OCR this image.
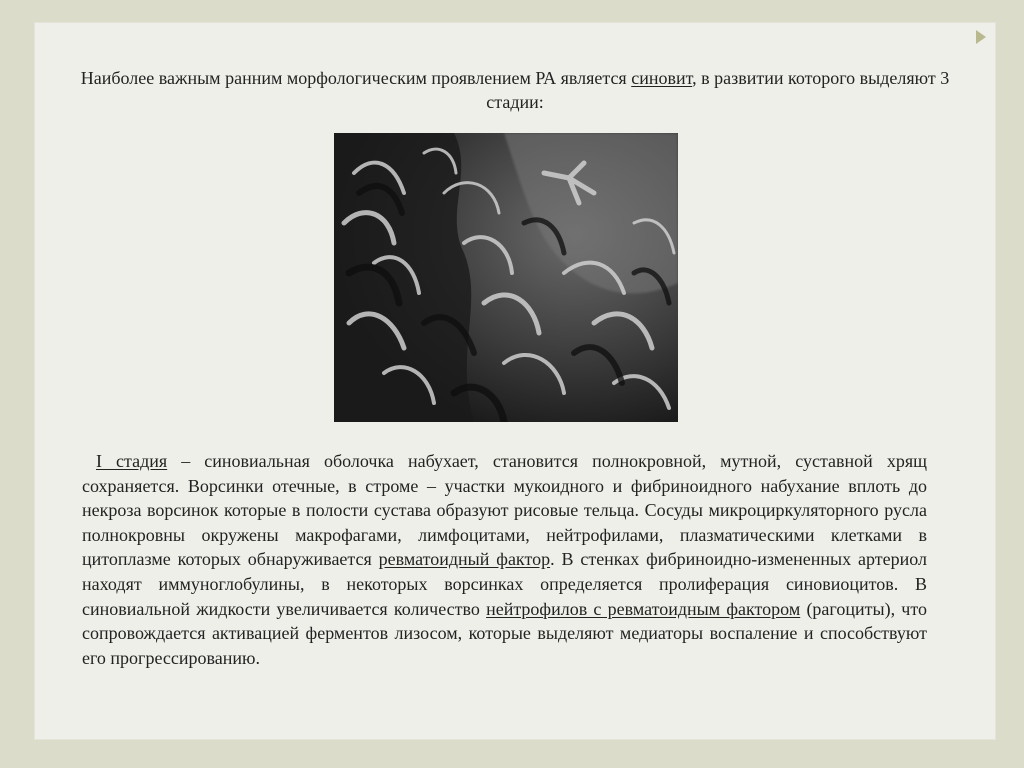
Наиболее важным ранним морфологическим проявлением РА является синовит, в развитии которого выделяют 3 стадии:
I стадия – синовиальная оболочка набухает, становится полнокровной, мутной, суставной хрящ сохраняется. Ворсинки отечные, в строме – участки мукоидного и фибриноидного набухание вплоть до некроза ворсинок которые в полости сустава образуют рисовые тельца. Сосуды микроциркуляторного русла полнокровны окружены макрофагами, лимфоцитами, нейтрофилами, плазматическими клетками в цитоплазме которых обнаруживается ревматоидный фактор. В стенках фибриноидно-измененных артериол находят иммуноглобулины, в некоторых ворсинках определяется пролиферация синовиоцитов. В синовиальной жидкости увеличивается количество нейтрофилов с ревматоидным фактором (рагоциты), что сопровождается активацией ферментов лизосом, которые выделяют медиаторы воспаление и способствуют его прогрессированию.
